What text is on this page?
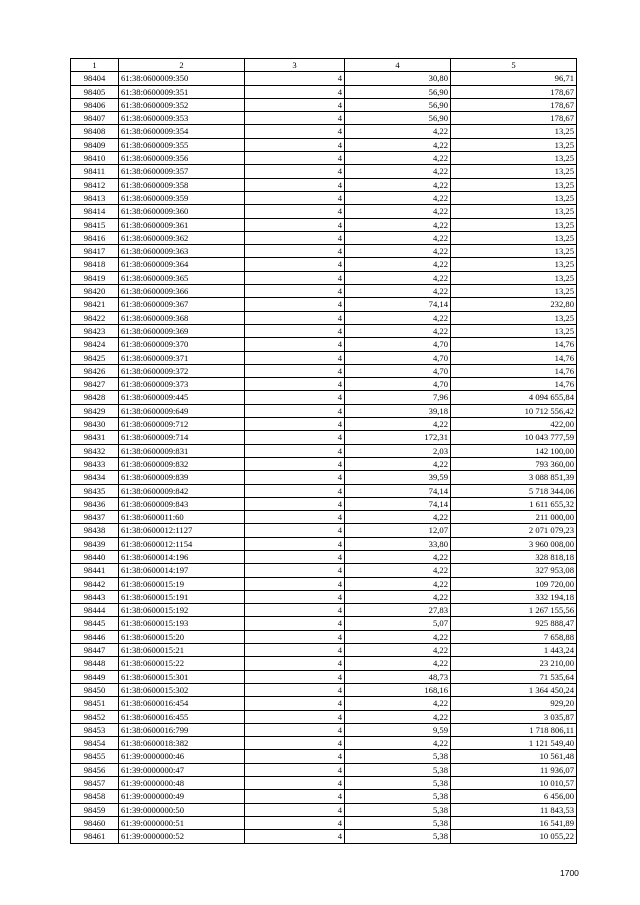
1	2	3	4	5
98404	61:38:0600009:350	4	30,80	96,71
98405	61:38:0600009:351	4	56,90	178,67
98406	61:38:0600009:352	4	56,90	178,67
98407	61:38:0600009:353	4	56,90	178,67
98408	61:38:0600009:354	4	4,22	13,25
98409	61:38:0600009:355	4	4,22	13,25
98410	61:38:0600009:356	4	4,22	13,25
98411	61:38:0600009:357	4	4,22	13,25
98412	61:38:0600009:358	4	4,22	13,25
98413	61:38:0600009:359	4	4,22	13,25
98414	61:38:0600009:360	4	4,22	13,25
98415	61:38:0600009:361	4	4,22	13,25
98416	61:38:0600009:362	4	4,22	13,25
98417	61:38:0600009:363	4	4,22	13,25
98418	61:38:0600009:364	4	4,22	13,25
98419	61:38:0600009:365	4	4,22	13,25
98420	61:38:0600009:366	4	4,22	13,25
98421	61:38:0600009:367	4	74,14	232,80
98422	61:38:0600009:368	4	4,22	13,25
98423	61:38:0600009:369	4	4,22	13,25
98424	61:38:0600009:370	4	4,70	14,76
98425	61:38:0600009:371	4	4,70	14,76
98426	61:38:0600009:372	4	4,70	14,76
98427	61:38:0600009:373	4	4,70	14,76
98428	61:38:0600009:445	4	7,96	4 094 655,84
98429	61:38:0600009:649	4	39,18	10 712 556,42
98430	61:38:0600009:712	4	4,22	422,00
98431	61:38:0600009:714	4	172,31	10 043 777,59
98432	61:38:0600009:831	4	2,03	142 100,00
98433	61:38:0600009:832	4	4,22	793 360,00
98434	61:38:0600009:839	4	39,59	3 088 851,39
98435	61:38:0600009:842	4	74,14	5 718 344,06
98436	61:38:0600009:843	4	74,14	1 611 655,32
98437	61:38:0600011:60	4	4,22	211 000,00
98438	61:38:0600012:1127	4	12,07	2 071 079,23
98439	61:38:0600012:1154	4	33,80	3 960 008,00
98440	61:38:0600014:196	4	4,22	328 818,18
98441	61:38:0600014:197	4	4,22	327 953,08
98442	61:38:0600015:19	4	4,22	109 720,00
98443	61:38:0600015:191	4	4,22	332 194,18
98444	61:38:0600015:192	4	27,83	1 267 155,56
98445	61:38:0600015:193	4	5,07	925 888,47
98446	61:38:0600015:20	4	4,22	7 658,88
98447	61:38:0600015:21	4	4,22	1 443,24
98448	61:38:0600015:22	4	4,22	23 210,00
98449	61:38:0600015:301	4	48,73	71 535,64
98450	61:38:0600015:302	4	168,16	1 364 450,24
98451	61:38:0600016:454	4	4,22	929,20
98452	61:38:0600016:455	4	4,22	3 035,87
98453	61:38:0600016:799	4	9,59	1 718 806,11
98454	61:38:0600018:382	4	4,22	1 121 549,40
98455	61:39:0000000:46	4	5,38	10 561,48
98456	61:39:0000000:47	4	5,38	11 936,07
98457	61:39:0000000:48	4	5,38	10 010,57
98458	61:39:0000000:49	4	5,38	6 456,00
98459	61:39:0000000:50	4	5,38	11 843,53
98460	61:39:0000000:51	4	5,38	16 541,89
98461	61:39:0000000:52	4	5,38	10 055,22
1700
